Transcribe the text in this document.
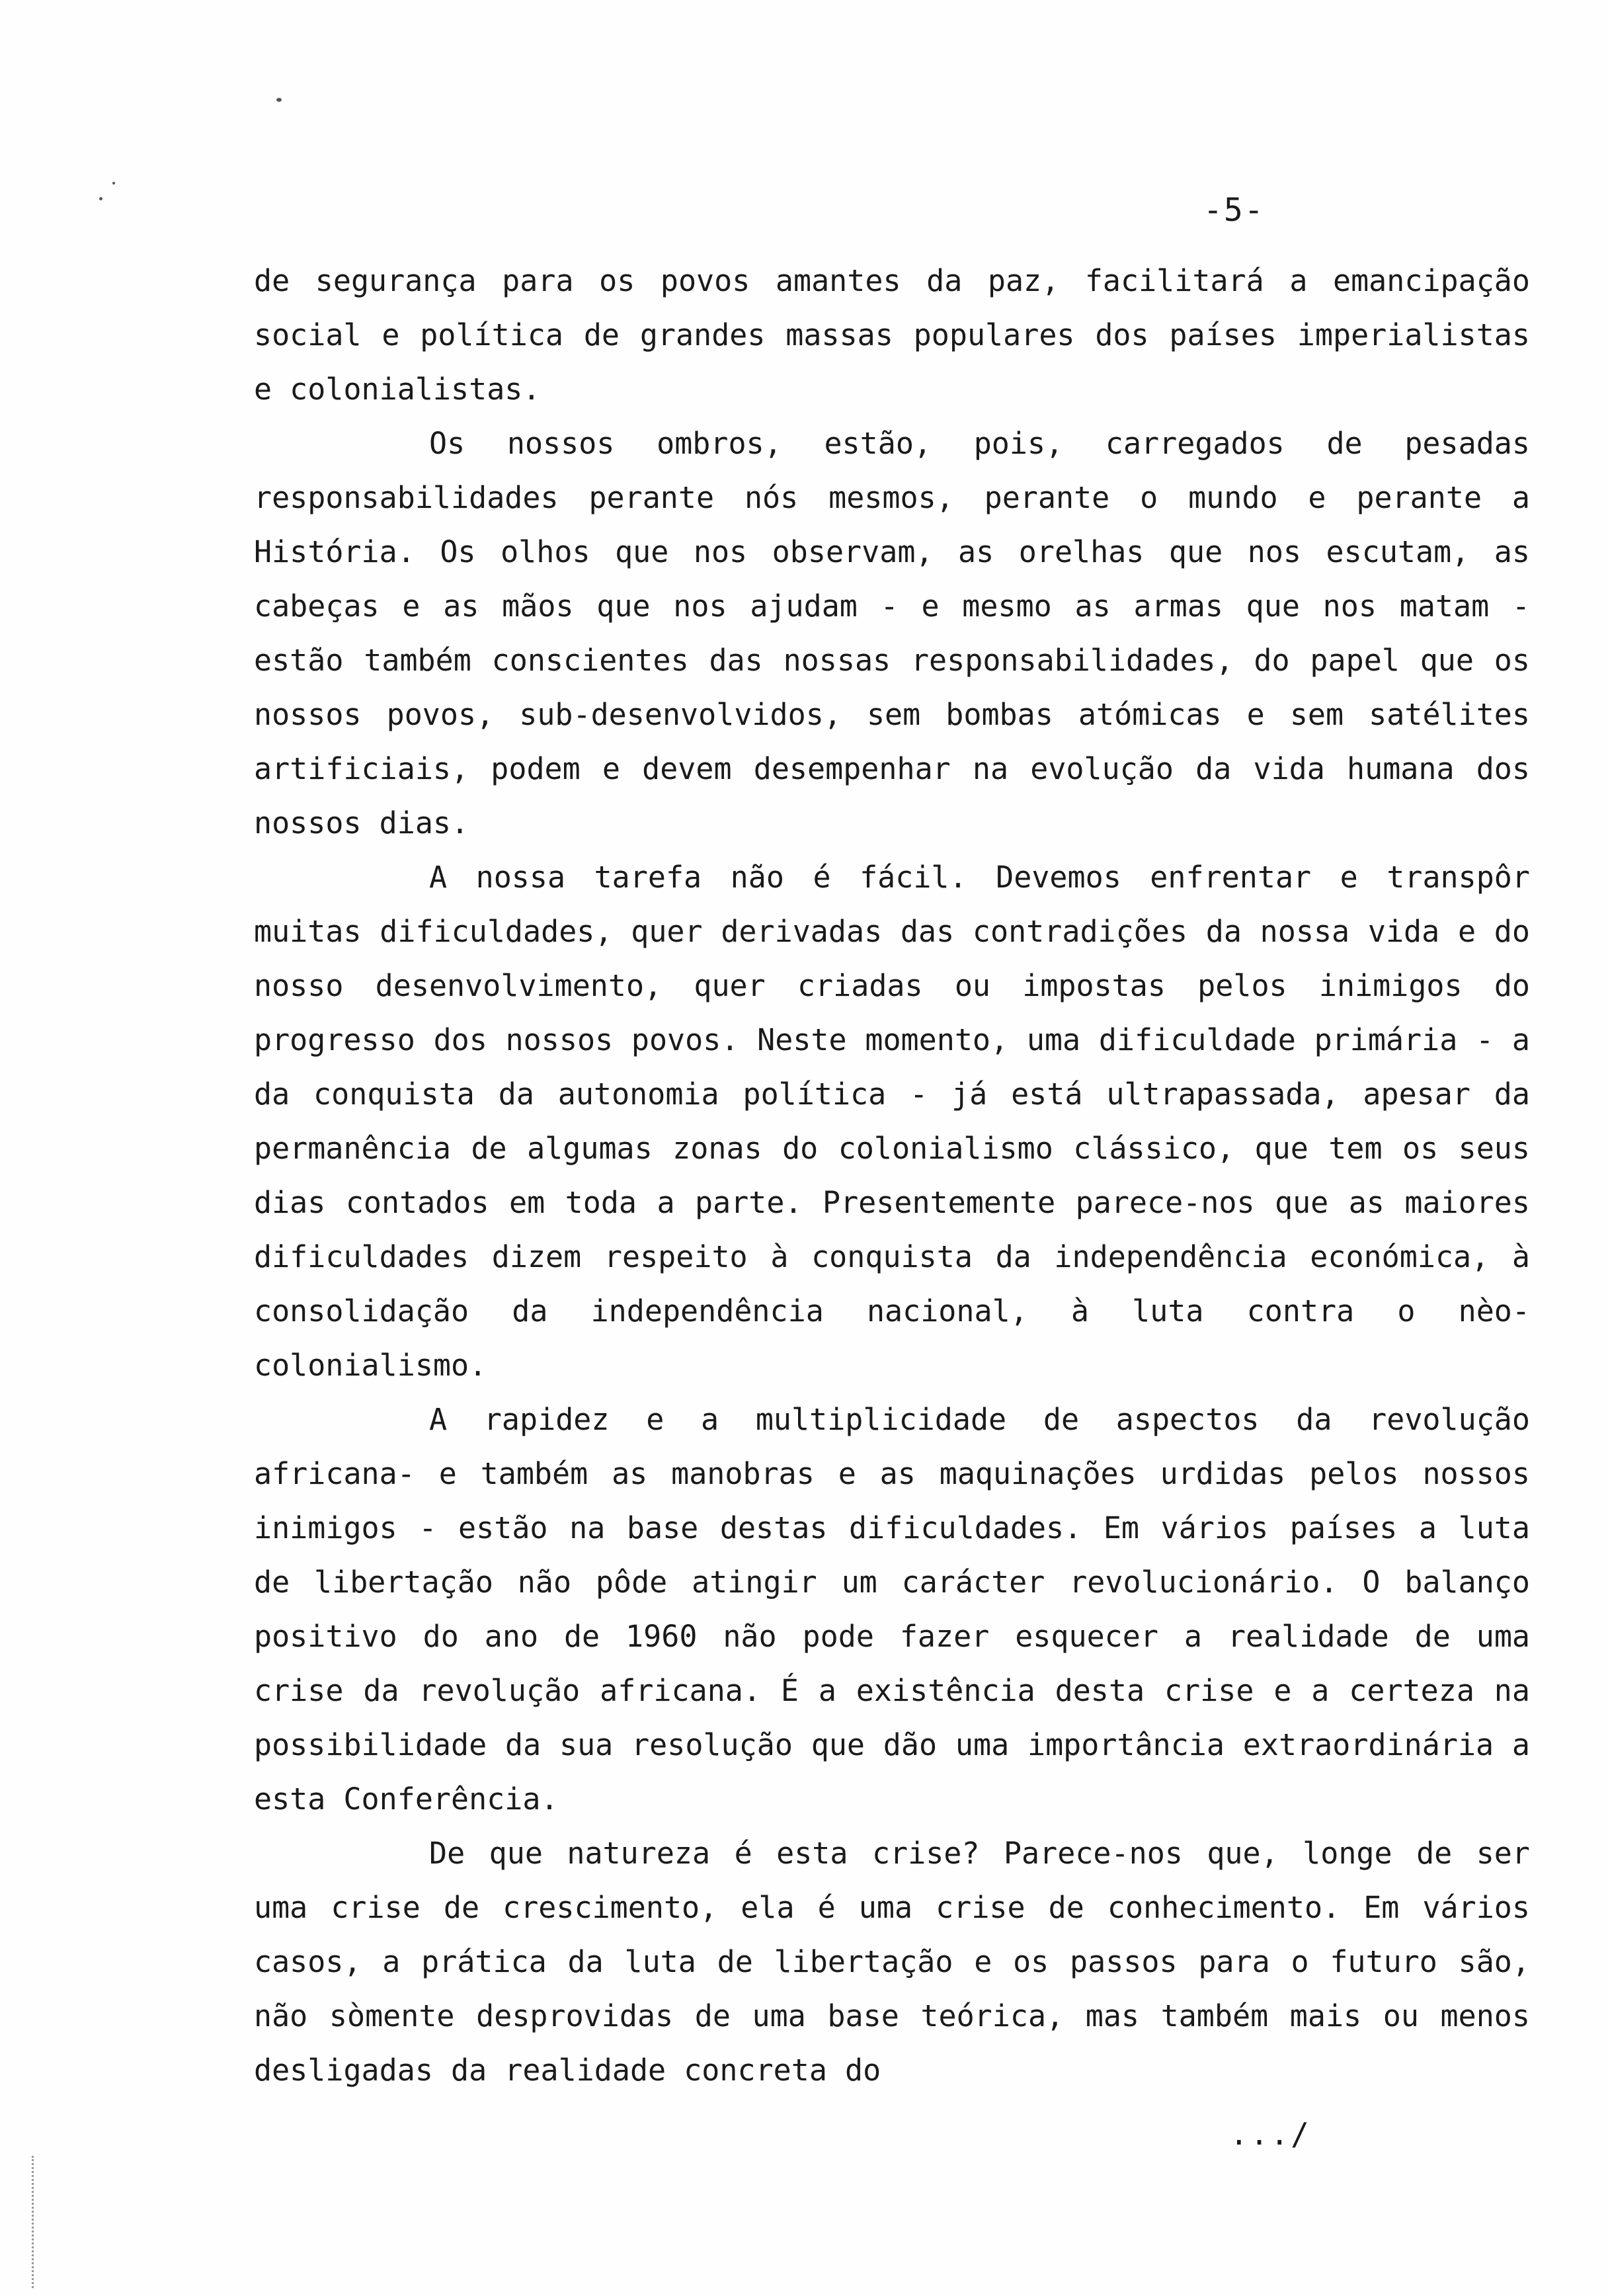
-5-

de segurança para os povos amantes da paz, facilitará a emancipação social e política de grandes massas populares dos países imperialistas e colonialistas.

Os nossos ombros, estão, pois, carregados de pesadas responsabilidades perante nós mesmos, perante o mundo e perante a História. Os olhos que nos observam, as orelhas que nos escutam, as cabeças e as mãos que nos ajudam - e mesmo as armas que nos matam - estão também conscientes das nossas responsabilidades, do papel que os nossos povos, sub-desenvolvidos, sem bombas atómicas e sem satélites artificiais, podem e devem desempenhar na evolução da vida humana dos nossos dias.

A nossa tarefa não é fácil. Devemos enfrentar e transpôr muitas dificuldades, quer derivadas das contradições da nossa vida e do nosso desenvolvimento, quer criadas ou impostas pelos inimigos do progresso dos nossos povos. Neste momento, uma dificuldade primária - a da conquista da autonomia política - já está ultrapassada, apesar da permanência de algumas zonas do colonialismo clássico, que tem os seus dias contados em toda a parte. Presentemente parece-nos que as maiores dificuldades dizem respeito à conquista da independência económica, à consolidação da independência nacional, à luta contra o nèo-colonialismo.

A rapidez e a multiplicidade de aspectos da revolução africana- e também as manobras e as maquinações urdidas pelos nossos inimigos - estão na base destas dificuldades. Em vários países a luta de libertação não pôde atingir um carácter revolucionário. O balanço positivo do ano de 1960 não pode fazer esquecer a realidade de uma crise da revolução africana. É a existência desta crise e a certeza na possibilidade da sua resolução que dão uma importância extraordinária a esta Conferência.

De que natureza é esta crise? Parece-nos que, longe de ser uma crise de crescimento, ela é uma crise de conhecimento. Em vários casos, a prática da luta de libertação e os passos para o futuro são, não sòmente desprovidas de uma base teórica, mas também mais ou menos desligadas da realidade concreta do

.../
